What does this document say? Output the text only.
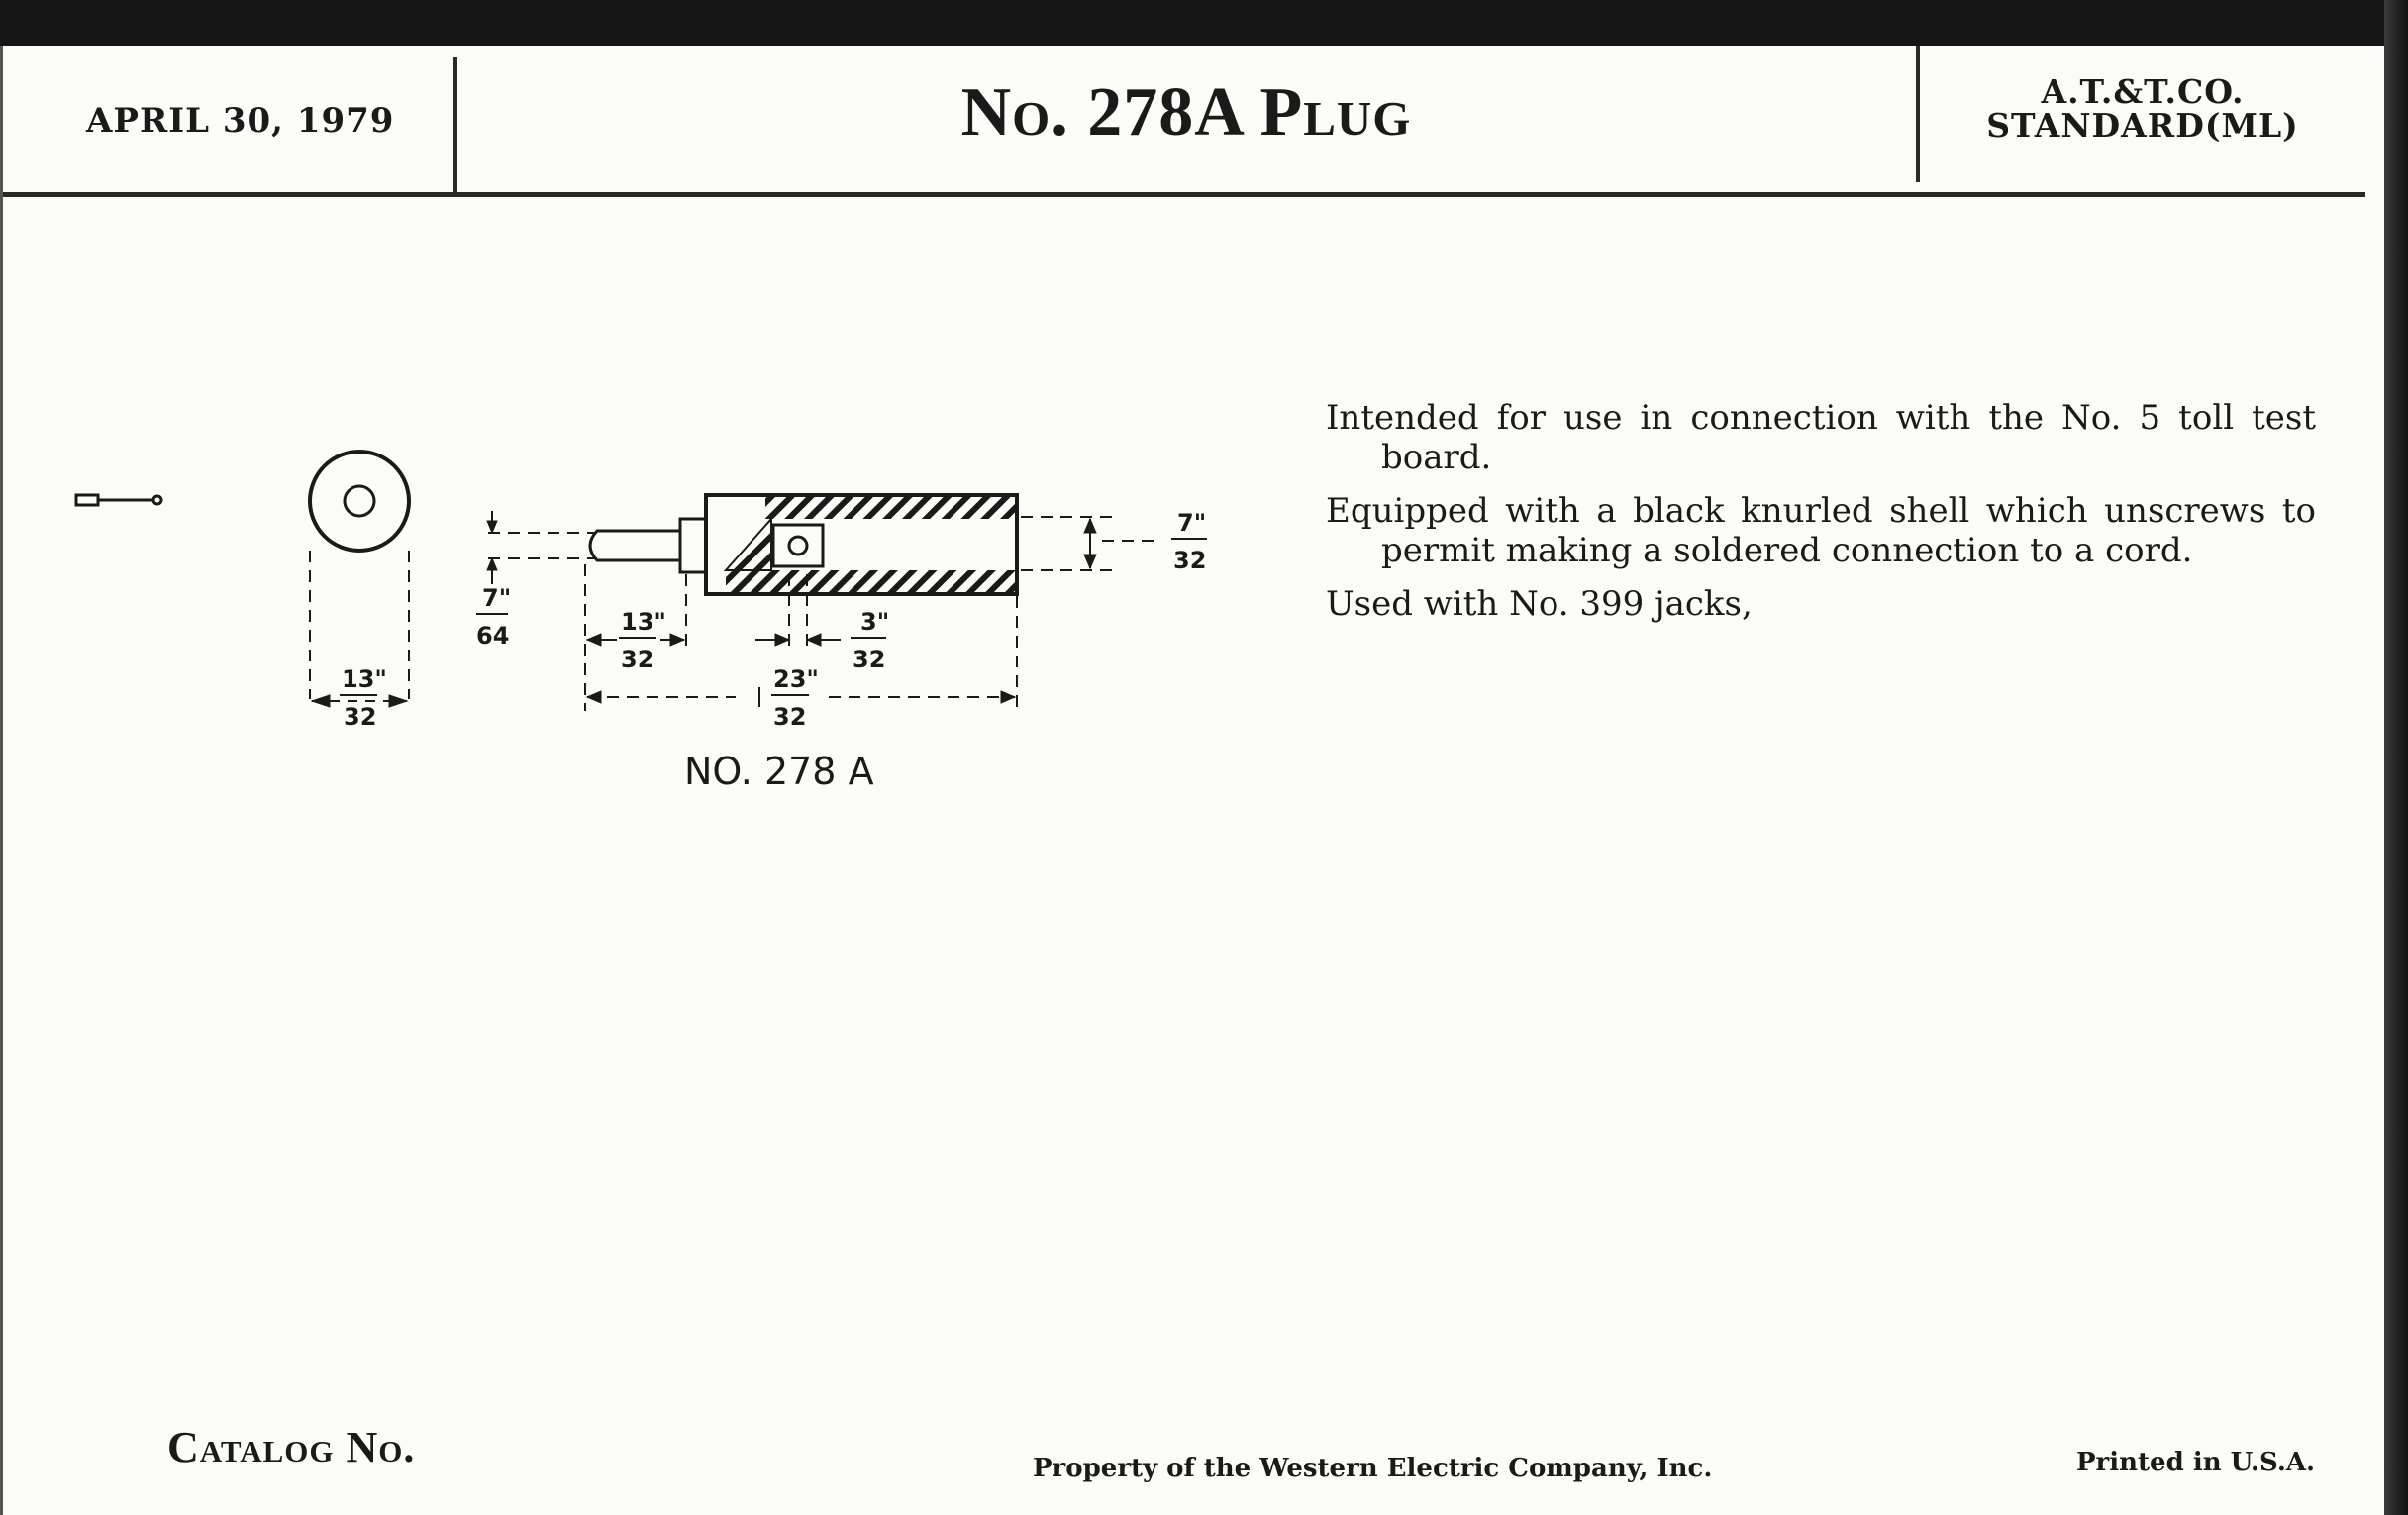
APRIL 30, 1979	No. 278A Plug	A.T.&T.CO.
STANDARD(ML)
13"
32
7"
64	13"
32
3"
32
23"
32
7"
32
NO. 278 A

Intended for use in connection with the No. 5 toll test board.

Equipped with a black knurled shell which unscrews to permit making a soldered connection to a cord.

Used with No. 399 jacks,

Catalog No.	Property of the Western Electric Company, Inc.	Printed in U.S.A.
